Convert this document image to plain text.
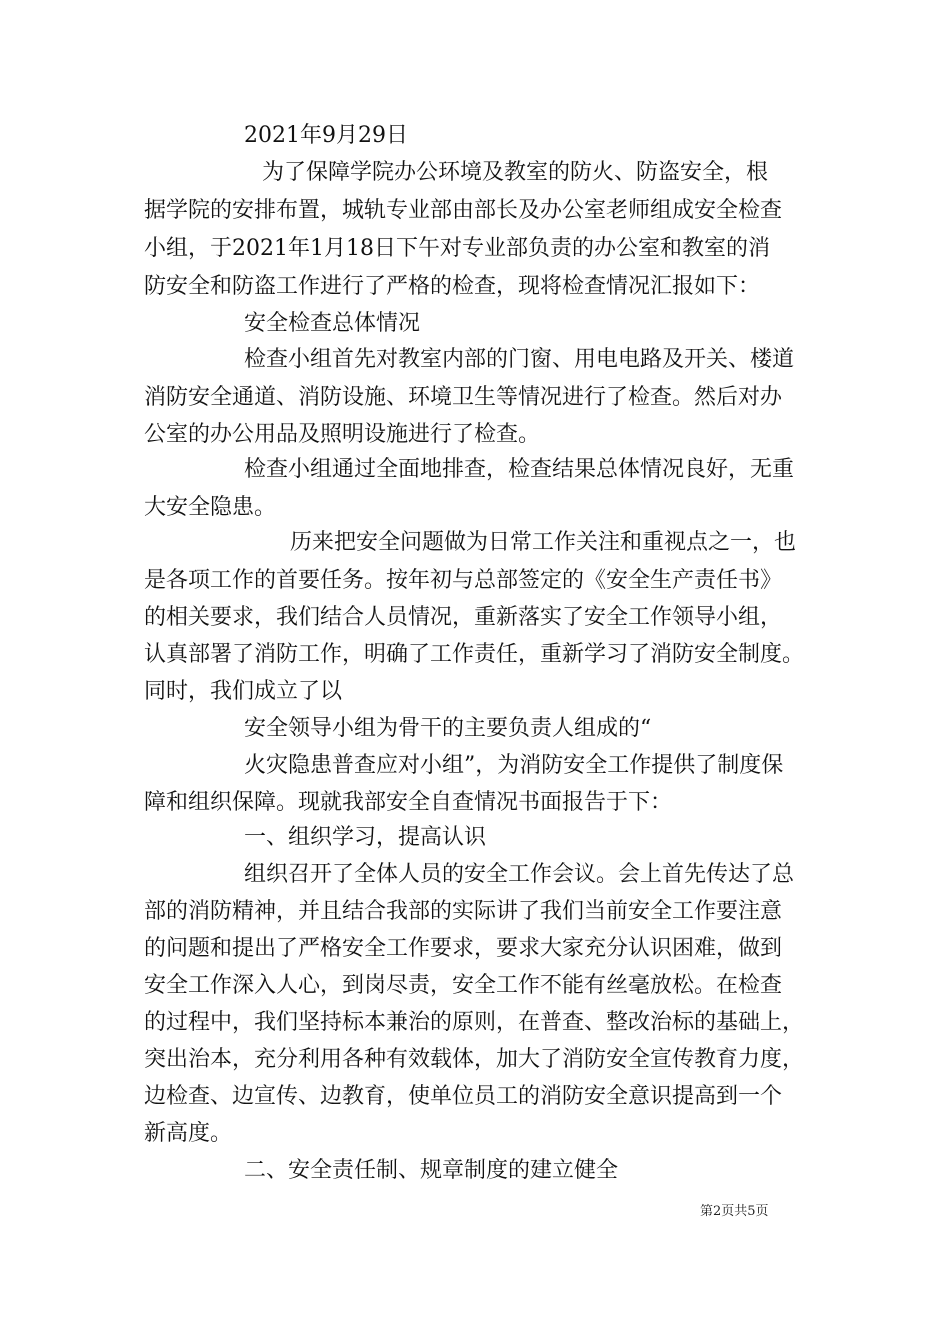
2021年9月29日
为了保障学院办公环境及教室的防火、防盗安全，根
据学院的安排布置，城轨专业部由部长及办公室老师组成安全检查
小组，于2021年1月18日下午对专业部负责的办公室和教室的消
防安全和防盗工作进行了严格的检查，现将检查情况汇报如下：
安全检查总体情况
检查小组首先对教室内部的门窗、用电电路及开关、楼道
消防安全通道、消防设施、环境卫生等情况进行了检查。然后对办
公室的办公用品及照明设施进行了检查。
检查小组通过全面地排查，检查结果总体情况良好，无重
大安全隐患。
历来把安全问题做为日常工作关注和重视点之一，也
是各项工作的首要任务。按年初与总部签定的《安全生产责任书》
的相关要求，我们结合人员情况，重新落实了安全工作领导小组，
认真部署了消防工作，明确了工作责任，重新学习了消防安全制度。
同时，我们成立了以
安全领导小组为骨干的主要负责人组成的“
火灾隐患普查应对小组”，为消防安全工作提供了制度保
障和组织保障。现就我部安全自查情况书面报告于下：
一、组织学习，提高认识
组织召开了全体人员的安全工作会议。会上首先传达了总
部的消防精神，并且结合我部的实际讲了我们当前安全工作要注意
的问题和提出了严格安全工作要求，要求大家充分认识困难，做到
安全工作深入人心，到岗尽责，安全工作不能有丝毫放松。在检查
的过程中，我们坚持标本兼治的原则，在普查、整改治标的基础上，
突出治本，充分利用各种有效载体，加大了消防安全宣传教育力度，
边检查、边宣传、边教育，使单位员工的消防安全意识提高到一个
新高度。
二、安全责任制、规章制度的建立健全
第2页共5页
